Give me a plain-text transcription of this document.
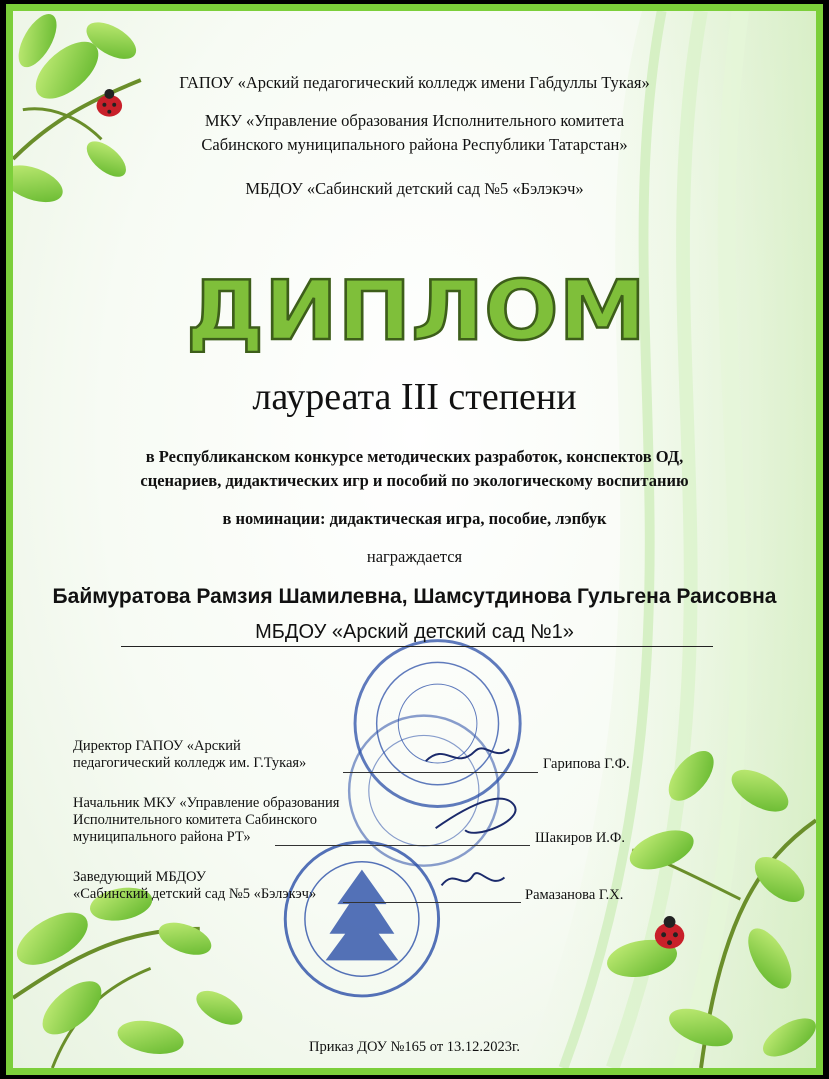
ГАПОУ «Арский педагогический колледж имени Габдуллы Тукая»
МКУ «Управление образования Исполнительного комитета
Сабинского муниципального района Республики Татарстан»
МБДОУ «Сабинский детский сад №5 «Бэлэкэч»
ДИПЛОМ
лауреата III степени
в Республиканском конкурсе методических разработок, конспектов ОД,
сценариев, дидактических игр и пособий по экологическому воспитанию
в номинации: дидактическая игра, пособие, лэпбук
награждается
Баймуратова Рамзия Шамилевна, Шамсутдинова Гульгена Раисовна
МБДОУ «Арский детский сад №1»
Директор ГАПОУ «Арский
педагогический колледж им. Г.Тукая»	Гарипова Г.Ф.
Начальник МКУ «Управление образования
Исполнительного комитета Сабинского
муниципального района РТ»	Шакиров И.Ф.
Заведующий МБДОУ
«Сабинский детский сад №5 «Бэлэкэч»	Рамазанова Г.Х.
Приказ ДОУ №165 от 13.12.2023г.
